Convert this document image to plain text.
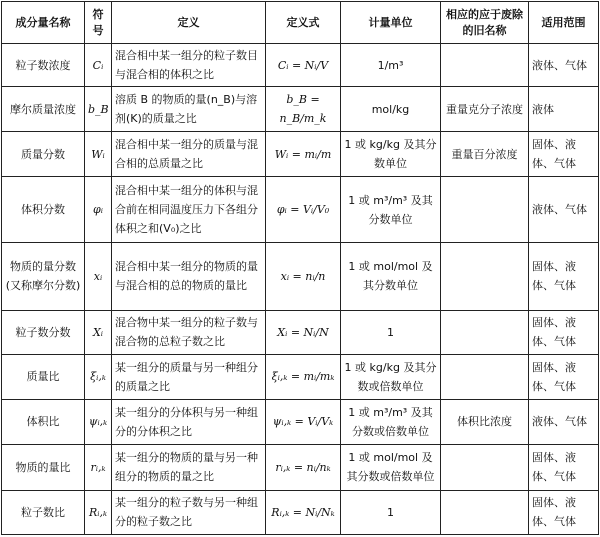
成分量名称	符号	定义	定义式	计量单位	相应的应于废除的旧名称	适用范围
粒子数浓度	Cᵢ	混合相中某一组分的粒子数目与混合相的体积之比	Cᵢ = Nᵢ/V	1/m³		液体、气体
摩尔质量浓度	b_B	溶质 B 的物质的量(n_B)与溶剂(K)的质量之比	b_B = n_B/m_k	mol/kg	重量克分子浓度	液体
质量分数	Wᵢ	混合相中某一组分的质量与混合相的总质量之比	Wᵢ = mᵢ/m	1 或 kg/kg 及其分数单位	重量百分浓度	固体、液体、气体
体积分数	φᵢ	混合相中某一组分的体积与混合前在相同温度压力下各组分体积之和(V₀)之比	φᵢ = Vᵢ/V₀	1 或 m³/m³ 及其分数单位		液体、气体
物质的量分数(又称摩尔分数)	xᵢ	混合相中某一组分的物质的量与混合相的总的物质的量比	xᵢ = nᵢ/n	1 或 mol/mol 及其分数单位		固体、液体、气体
粒子数分数	Xᵢ	混合物中某一组分的粒子数与混合物的总粒子数之比	Xᵢ = Nᵢ/N	1		固体、液体、气体
质量比	ξᵢ,ₖ	某一组分的质量与另一种组分的质量之比	ξᵢ,ₖ = mᵢ/mₖ	1 或 kg/kg 及其分数或倍数单位		固体、液体、气体
体积比	ψᵢ,ₖ	某一组分的分体积与另一种组分的分体积之比	ψᵢ,ₖ = Vᵢ/Vₖ	1 或 m³/m³ 及其分数或倍数单位	体积比浓度	液体、气体
物质的量比	rᵢ,ₖ	某一组分的物质的量与另一种组分的物质的量之比	rᵢ,ₖ = nᵢ/nₖ	1 或 mol/mol 及其分数或倍数单位		固体、液体、气体
粒子数比	Rᵢ,ₖ	某一组分的粒子数与另一种组分的粒子数之比	Rᵢ,ₖ = Nᵢ/Nₖ	1		固体、液体、气体
